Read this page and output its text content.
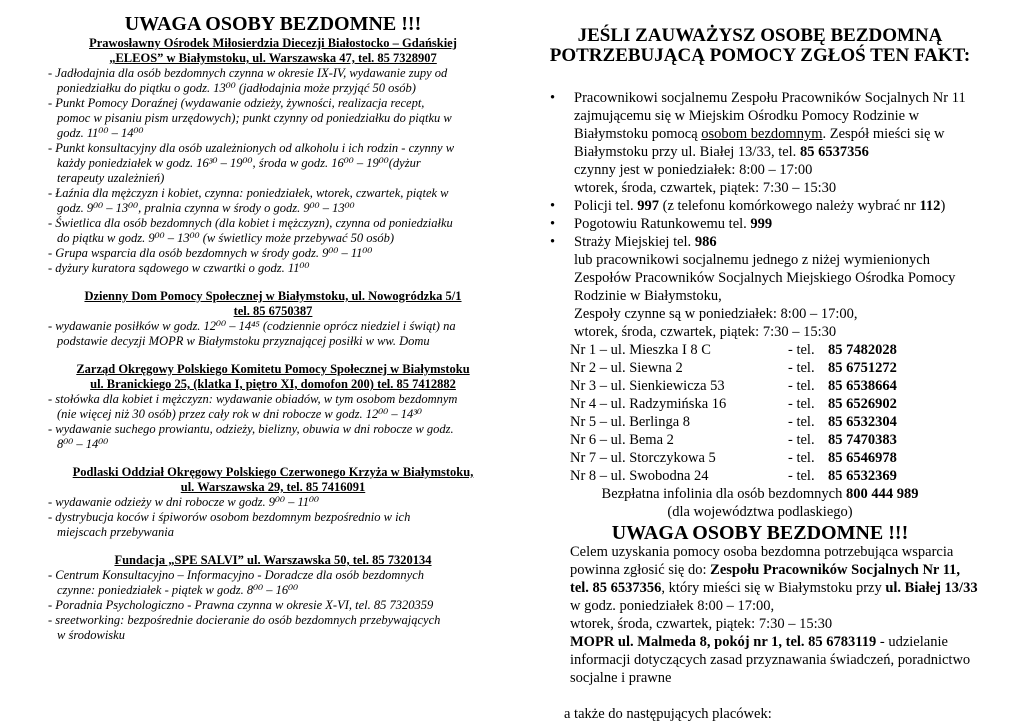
UWAGA OSOBY BEZDOMNE !!!
Prawosławny Ośrodek Miłosierdzia Diecezji Białostocko – Gdańskiej
„ELEOS” w Białymstoku, ul. Warszawska 47, tel. 85 7328907
- Jadłodajnia dla osób bezdomnych czynna w okresie IX-IV, wydawanie zupy od
poniedziałku do piątku o godz. 13⁰⁰ (jadłodajnia może przyjąć 50 osób)
- Punkt Pomocy Doraźnej (wydawanie odzieży, żywności, realizacja recept,
pomoc w pisaniu pism urzędowych); punkt czynny od poniedziałku do piątku w
godz. 11⁰⁰ – 14⁰⁰
- Punkt konsultacyjny dla osób uzależnionych od alkoholu i ich rodzin - czynny w
każdy poniedziałek w godz. 16³⁰ – 19⁰⁰, środa w godz. 16⁰⁰ – 19⁰⁰(dyżur
terapeuty uzależnień)
- Łaźnia dla mężczyzn i kobiet, czynna: poniedziałek, wtorek, czwartek, piątek w
godz. 9⁰⁰ – 13⁰⁰, pralnia czynna w środy o godz. 9⁰⁰ – 13⁰⁰
- Świetlica dla osób bezdomnych (dla kobiet i mężczyzn), czynna od poniedziałku
do piątku w godz. 9⁰⁰ – 13⁰⁰ (w świetlicy może przebywać 50 osób)
- Grupa wsparcia dla osób bezdomnych w środy godz. 9⁰⁰ – 11⁰⁰
- dyżury kuratora sądowego w czwartki o godz. 11⁰⁰
Dzienny Dom Pomocy Społecznej w Białymstoku, ul. Nowogródzka 5/1
tel. 85 6750387
- wydawanie posiłków w godz. 12⁰⁰ – 14⁴⁵ (codziennie oprócz niedziel i świąt) na
podstawie decyzji MOPR w Białymstoku przyznającej posiłki w ww. Domu
Zarząd Okręgowy Polskiego Komitetu Pomocy Społecznej w Białymstoku
ul. Branickiego 25, (klatka I, piętro XI, domofon 200) tel. 85 7412882
- stołówka dla kobiet i mężczyzn: wydawanie obiadów, w tym osobom bezdomnym
(nie więcej niż 30 osób) przez cały rok w dni robocze w godz. 12⁰⁰ – 14³⁰
- wydawanie suchego prowiantu, odzieży, bielizny, obuwia w dni robocze w godz.
8⁰⁰ – 14⁰⁰
Podlaski Oddział Okręgowy Polskiego Czerwonego Krzyża w Białymstoku,
ul. Warszawska 29, tel. 85 7416091
- wydawanie odzieży w dni robocze w godz. 9⁰⁰ – 11⁰⁰
- dystrybucja koców i śpiworów osobom bezdomnym bezpośrednio w ich
miejscach przebywania
Fundacja „SPE SALVI” ul. Warszawska 50, tel. 85 7320134
- Centrum Konsultacyjno – Informacyjno - Doradcze dla osób bezdomnych
czynne: poniedziałek - piątek w godz. 8⁰⁰ – 16⁰⁰
- Poradnia Psychologiczno - Prawna czynna w okresie X-VI, tel. 85 7320359
- sreetworking: bezpośrednie docieranie do osób bezdomnych przebywających
w środowisku
JEŚLI ZAUWAŻYSZ OSOBĘ BEZDOMNĄ
POTRZEBUJĄCĄ POMOCY ZGŁOŚ TEN FAKT:
• Pracownikowi socjalnemu Zespołu Pracowników Socjalnych Nr 11
zajmującemu się w Miejskim Ośrodku Pomocy Rodzinie w
Białymstoku pomocą osobom bezdomnym. Zespół mieści się w
Białymstoku przy ul. Białej 13/33, tel. 85 6537356
czynny jest w poniedziałek: 8:00 – 17:00
wtorek, środa, czwartek, piątek: 7:30 – 15:30
• Policji tel. 997 (z telefonu komórkowego należy wybrać nr 112)
• Pogotowiu Ratunkowemu tel. 999
• Straży Miejskiej tel. 986
lub pracownikowi socjalnemu jednego z niżej wymienionych
Zespołów Pracowników Socjalnych Miejskiego Ośrodka Pomocy
Rodzinie w Białymstoku,
Zespoły czynne są w poniedziałek: 8:00 – 17:00,
wtorek, środa, czwartek, piątek: 7:30 – 15:30
Nr 1 – ul. Mieszka I 8 C	- tel. 85 7482028
Nr 2 – ul. Siewna 2	- tel. 85 6751272
Nr 3 – ul. Sienkiewicza 53	- tel. 85 6538664
Nr 4 – ul. Radzymińska 16	- tel. 85 6526902
Nr 5 – ul. Berlinga 8	- tel. 85 6532304
Nr 6 – ul. Bema 2	- tel. 85 7470383
Nr 7 – ul. Storczykowa 5	- tel. 85 6546978
Nr 8 – ul. Swobodna 24	- tel. 85 6532369
Bezpłatna infolinia dla osób bezdomnych 800 444 989
(dla województwa podlaskiego)
UWAGA OSOBY BEZDOMNE !!!
Celem uzyskania pomocy osoba bezdomna potrzebująca wsparcia
powinna zgłosić się do: Zespołu Pracowników Socjalnych Nr 11,
tel. 85 6537356, który mieści się w Białymstoku przy ul. Białej 13/33
w godz. poniedziałek 8:00 – 17:00,
wtorek, środa, czwartek, piątek: 7:30 – 15:30
MOPR ul. Malmeda 8, pokój nr 1, tel. 85 6783119 - udzielanie
informacji dotyczących zasad przyznawania świadczeń, poradnictwo
socjalne i prawne
a także do następujących placówek:
